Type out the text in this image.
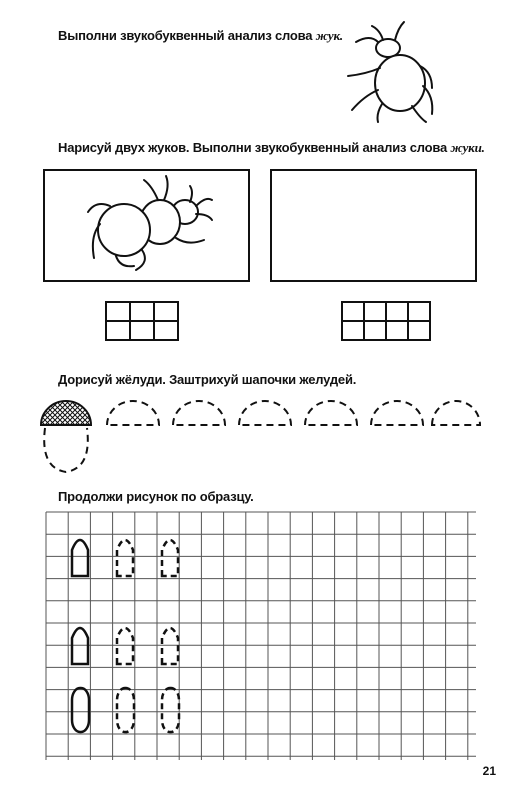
Выполни звукобуквенный анализ слова жук.
Нарисуй двух жуков. Выполни звукобуквенный анализ слова жуки.
Дорисуй жёлуди. Заштрихуй шапочки желудей.
Продолжи рисунок по образцу.
21
